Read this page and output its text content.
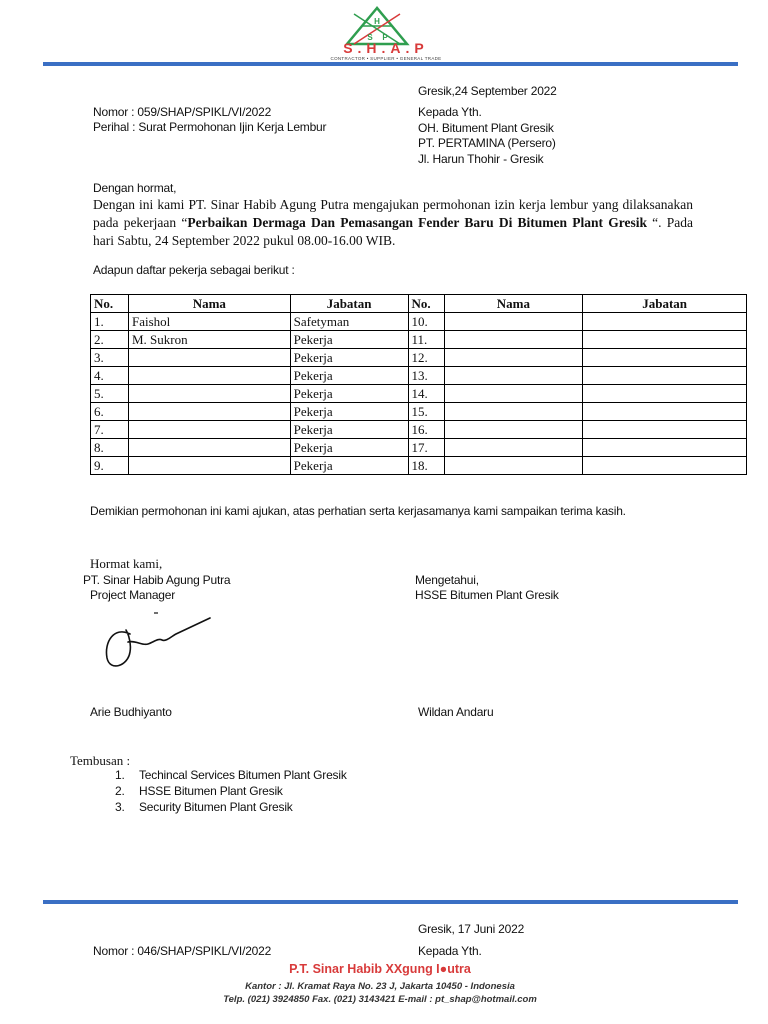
H
S P
S.H.A.P
CONTRACTOR • SUPPLIER • GENERAL TRADE
Gresik,24 September 2022
Nomor : 059/SHAP/SPIKL/VI/2022
Perihal : Surat Permohonan Ijin Kerja Lembur
Kepada Yth.
OH. Bitument Plant Gresik
PT. PERTAMINA (Persero)
Jl. Harun Thohir - Gresik
Dengan hormat,
Dengan ini kami PT. Sinar Habib Agung Putra mengajukan permohonan izin kerja lembur yang dilaksanakan pada pekerjaan “Perbaikan Dermaga Dan Pemasangan Fender Baru Di Bitumen Plant Gresik “. Pada hari Sabtu, 24 September 2022 pukul 08.00-16.00 WIB.
Adapun daftar pekerja sebagai berikut :
No.	Nama	Jabatan	No.	Nama	Jabatan
1.	Faishol	Safetyman	10.		
2.	M. Sukron	Pekerja	11.		
3.		Pekerja	12.		
4.		Pekerja	13.		
5.		Pekerja	14.		
6.		Pekerja	15.		
7.		Pekerja	16.		
8.		Pekerja	17.		
9.		Pekerja	18.		
Demikian permohonan ini kami ajukan, atas perhatian serta kerjasamanya kami sampaikan terima kasih.
Hormat kami,
PT. Sinar Habib Agung Putra
Project Manager
Arie Budhiyanto
Mengetahui,
HSSE Bitumen Plant Gresik
Wildan Andaru
Tembusan :
1. Techincal Services Bitumen Plant Gresik
2. HSSE Bitumen Plant Gresik
3. Security Bitumen Plant Gresik
Gresik, 17 Juni 2022
Nomor : 046/SHAP/SPIKL/VI/2022	Kepada Yth.
P.T. Sinar Habib XXgung I●utra
Kantor : Jl. Kramat Raya No. 23 J, Jakarta 10450 - Indonesia
Telp. (021) 3924850 Fax. (021) 3143421 E-mail : pt_shap@hotmail.com
